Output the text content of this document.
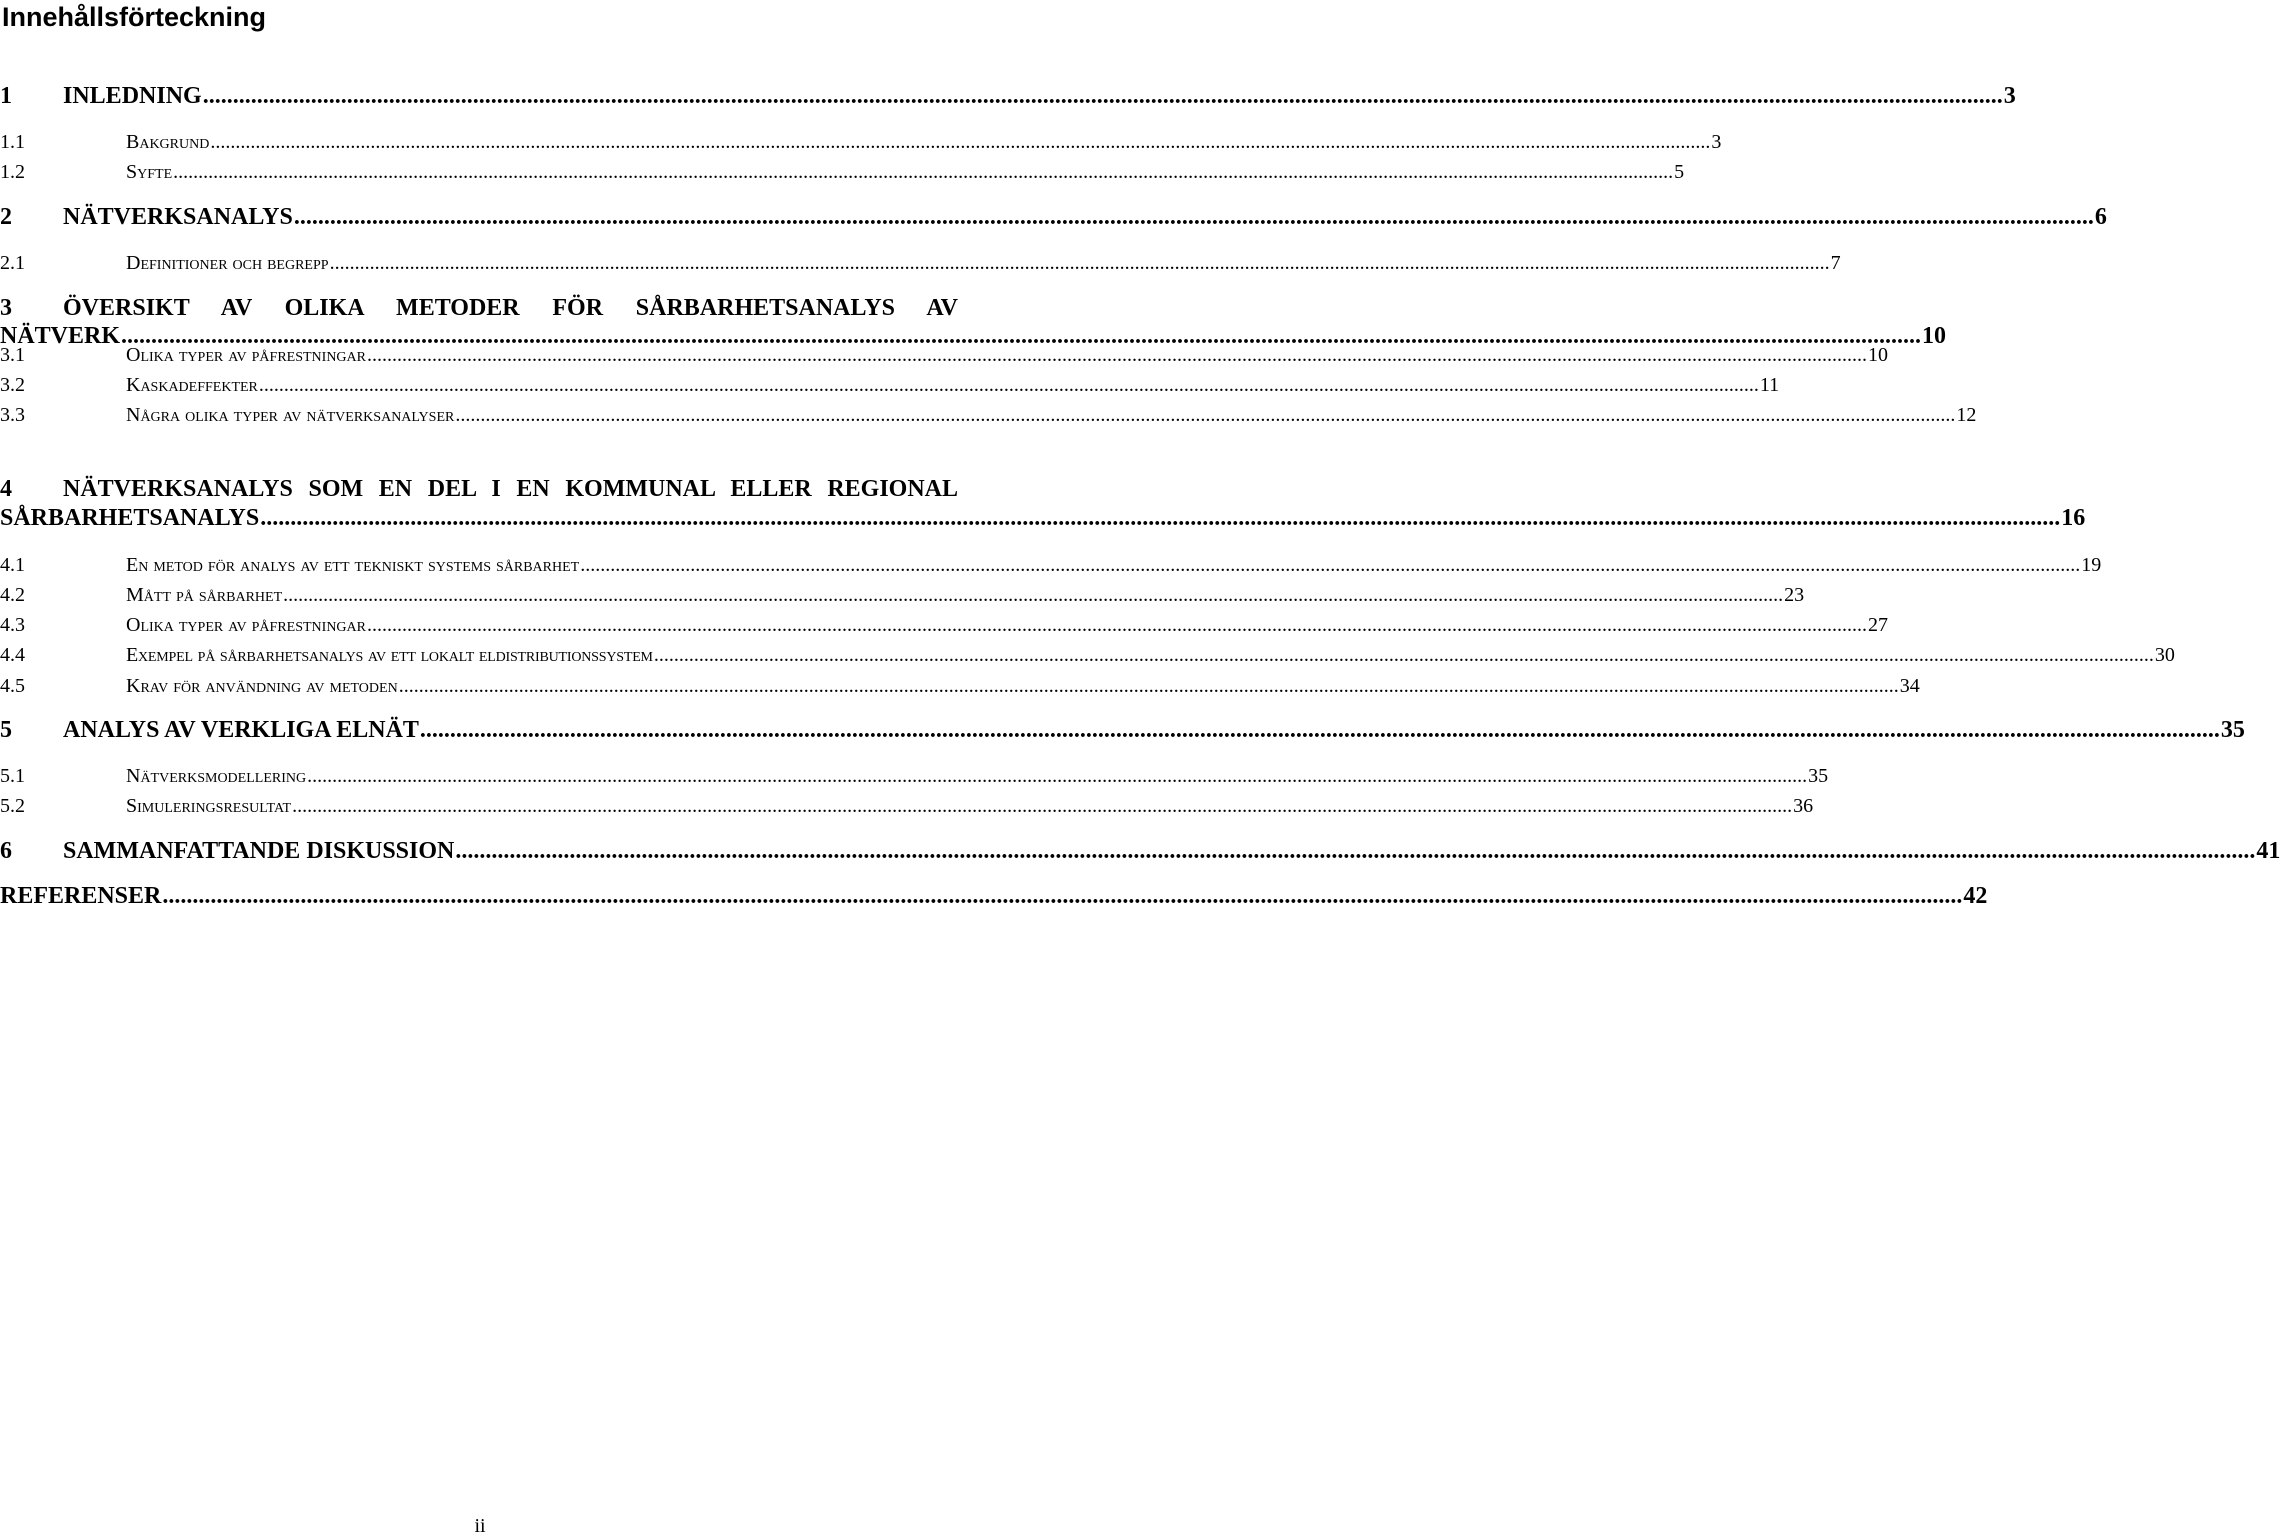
Innehållsförteckning
1	INLEDNING ............................................................................................................................................................................................................................................................................................................ 3
1.1	Bakgrund ............................................................................................................................................................................................................................................................................................................ 3
1.2	Syfte ............................................................................................................................................................................................................................................................................................................ 5
2	NÄTVERKSANALYS ............................................................................................................................................................................................................................................................................................................ 6
2.1	Definitioner och begrepp ............................................................................................................................................................................................................................................................................................................ 7
3 ÖVERSIKT AV OLIKA METODER FÖR SÅRBARHETSANALYS AV
NÄTVERK ............................................................................................................................................................................................................................................................................................................ 10
3.1	Olika typer av påfrestningar ............................................................................................................................................................................................................................................................................................................ 10
3.2	Kaskadeffekter ............................................................................................................................................................................................................................................................................................................ 11
3.3	Några olika typer av nätverksanalyser ............................................................................................................................................................................................................................................................................................................ 12
4 NÄTVERKSANALYS SOM EN DEL I EN KOMMUNAL ELLER REGIONAL
SÅRBARHETSANALYS ............................................................................................................................................................................................................................................................................................................ 16
4.1	En metod för analys av ett tekniskt systems sårbarhet ............................................................................................................................................................................................................................................................................................................ 19
4.2	Mått på sårbarhet ............................................................................................................................................................................................................................................................................................................ 23
4.3	Olika typer av påfrestningar ............................................................................................................................................................................................................................................................................................................ 27
4.4	Exempel på sårbarhetsanalys av ett lokalt eldistributionssystem ............................................................................................................................................................................................................................................................................................................ 30
4.5	Krav för användning av metoden ............................................................................................................................................................................................................................................................................................................ 34
5	ANALYS AV VERKLIGA ELNÄT ............................................................................................................................................................................................................................................................................................................ 35
5.1	Nätverksmodellering ............................................................................................................................................................................................................................................................................................................ 35
5.2	Simuleringsresultat ............................................................................................................................................................................................................................................................................................................ 36
6	SAMMANFATTANDE DISKUSSION ............................................................................................................................................................................................................................................................................................................ 41
REFERENSER ............................................................................................................................................................................................................................................................................................................ 42
ii
